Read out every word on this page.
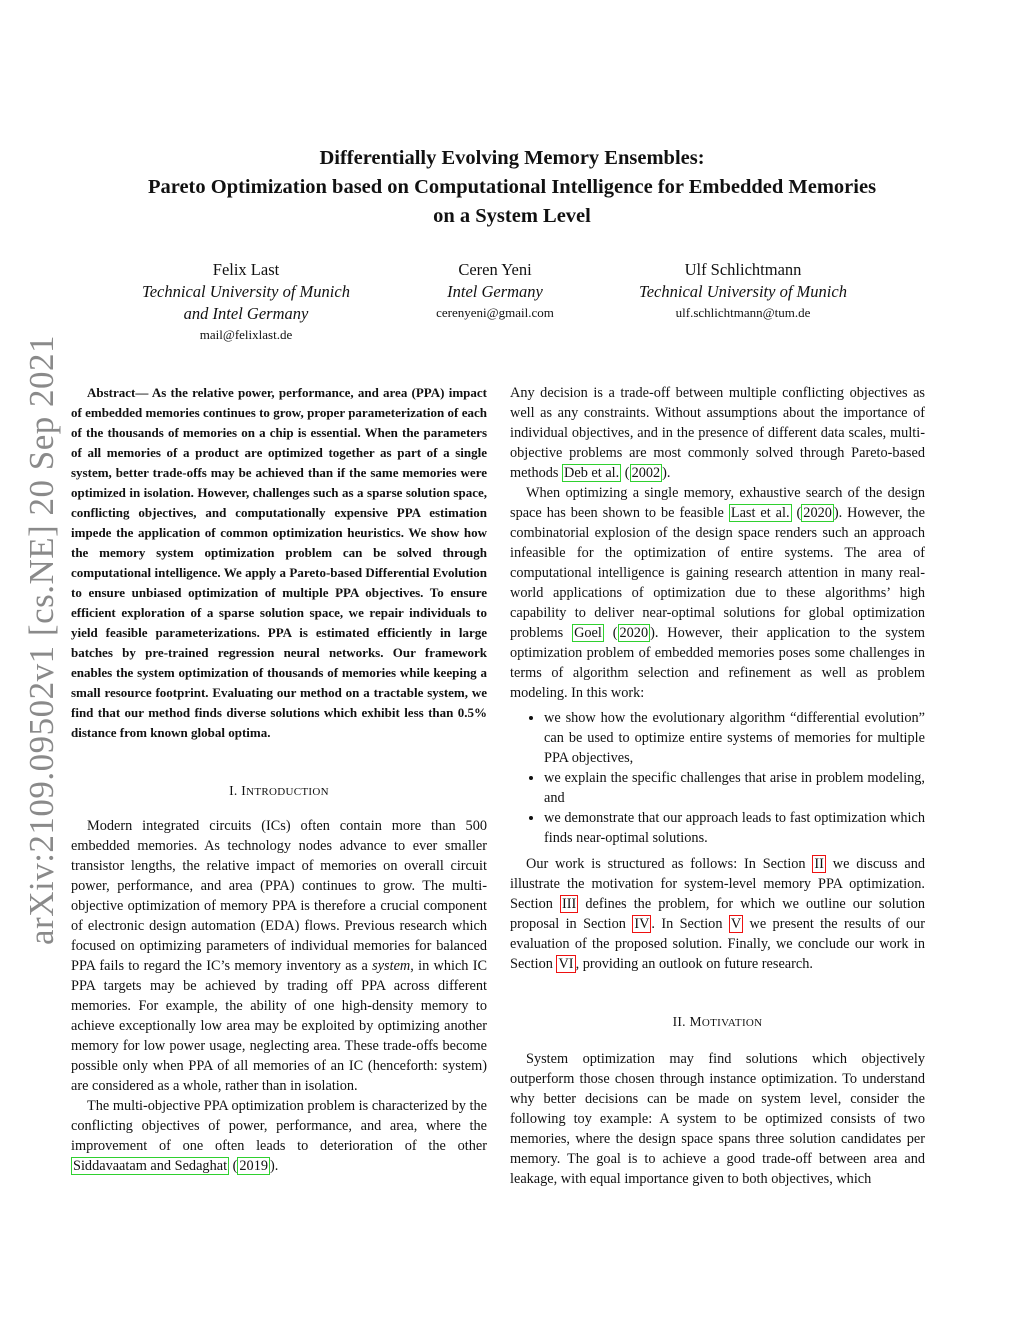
arXiv:2109.09502v1 [cs.NE] 20 Sep 2021
Differentially Evolving Memory Ensembles:
Pareto Optimization based on Computational Intelligence for Embedded Memories
on a System Level
Felix Last
Technical University of Munich
and Intel Germany
mail@felixlast.de
Ceren Yeni
Intel Germany
cerenyeni@gmail.com
Ulf Schlichtmann
Technical University of Munich
ulf.schlichtmann@tum.de

Abstract— As the relative power, performance, and area (PPA) impact of embedded memories continues to grow, proper parameterization of each of the thousands of memories on a chip is essential. When the parameters of all memories of a product are optimized together as part of a single system, better trade-offs may be achieved than if the same memories were optimized in isolation. However, challenges such as a sparse solution space, conflicting objectives, and computationally expensive PPA estimation impede the application of common optimization heuristics. We show how the memory system optimization problem can be solved through computational intelligence. We apply a Pareto-based Differential Evolution to ensure unbiased optimization of multiple PPA objectives. To ensure efficient exploration of a sparse solution space, we repair individuals to yield feasible parameterizations. PPA is estimated efficiently in large batches by pre-trained regression neural networks. Our framework enables the system optimization of thousands of memories while keeping a small resource footprint. Evaluating our method on a tractable system, we find that our method finds diverse solutions which exhibit less than 0.5% distance from known global optima.

I. INTRODUCTION

Modern integrated circuits (ICs) often contain more than 500 embedded memories. As technology nodes advance to ever smaller transistor lengths, the relative impact of memories on overall circuit power, performance, and area (PPA) continues to grow. The multi-objective optimization of memory PPA is therefore a crucial component of electronic design automation (EDA) flows. Previous research which focused on optimizing parameters of individual memories for balanced PPA fails to regard the IC’s memory inventory as a system, in which IC PPA targets may be achieved by trading off PPA across different memories. For example, the ability of one high-density memory to achieve exceptionally low area may be exploited by optimizing another memory for low power usage, neglecting area. These trade-offs become possible only when PPA of all memories of an IC (henceforth: system) are considered as a whole, rather than in isolation.

The multi-objective PPA optimization problem is characterized by the conflicting objectives of power, performance, and area, where the improvement of one often leads to deterioration of the other Siddavaatam and Sedaghat ( 2019 ).

Any decision is a trade-off between multiple conflicting objectives as well as any constraints. Without assumptions about the importance of individual objectives, and in the presence of different data scales, multi-objective problems are most commonly solved through Pareto-based methods Deb et al. ( 2002 ).

When optimizing a single memory, exhaustive search of the design space has been shown to be feasible Last et al. ( 2020 ). However, the combinatorial explosion of the design space renders such an approach infeasible for the optimization of entire systems. The area of computational intelligence is gaining research attention in many real-world applications of optimization due to these algorithms’ high capability to deliver near-optimal solutions for global optimization problems Goel ( 2020 ). However, their application to the system optimization problem of embedded memories poses some challenges in terms of algorithm selection and refinement as well as problem modeling. In this work:

• we show how the evolutionary algorithm “differential evolution” can be used to optimize entire systems of memories for multiple PPA objectives,
• we explain the specific challenges that arise in problem modeling, and
• we demonstrate that our approach leads to fast optimization which finds near-optimal solutions.

Our work is structured as follows: In Section II we discuss and illustrate the motivation for system-level memory PPA optimization. Section III defines the problem, for which we outline our solution proposal in Section IV . In Section V we present the results of our evaluation of the proposed solution. Finally, we conclude our work in Section VI , providing an outlook on future research.

II. MOTIVATION

System optimization may find solutions which objectively outperform those chosen through instance optimization. To understand why better decisions can be made on system level, consider the following toy example: A system to be optimized consists of two memories, where the design space spans three solution candidates per memory. The goal is to achieve a good trade-off between area and leakage, with equal importance given to both objectives, which
